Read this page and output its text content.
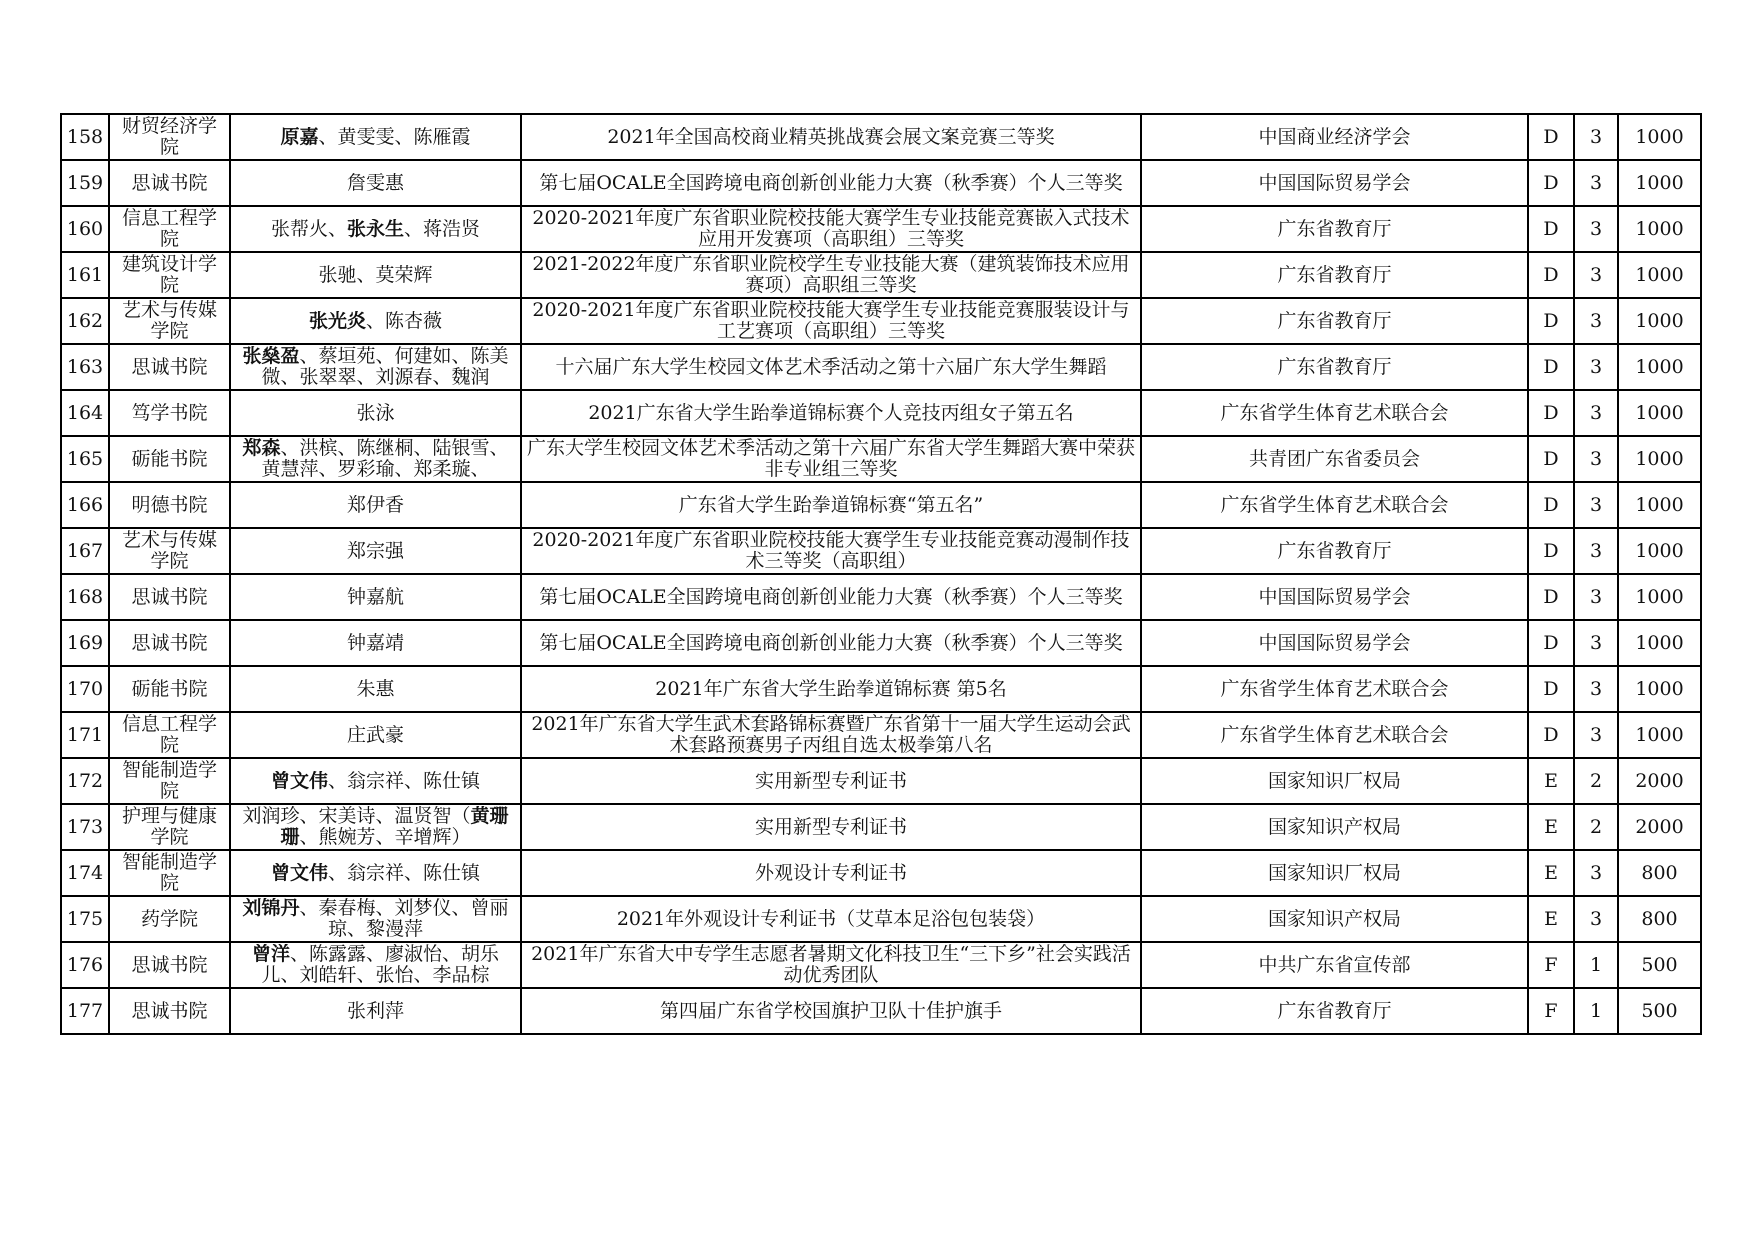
158	财贸经济学院	原嘉、黄雯雯、陈雁霞	2021年全国高校商业精英挑战赛会展文案竞赛三等奖	中国商业经济学会	D	3	1000

159	思诚书院	詹雯惠	第七届OCALE全国跨境电商创新创业能力大赛（秋季赛）个人三等奖	中国国际贸易学会	D	3	1000

160	信息工程学院	张帮火、张永生、蒋浩贤	2020-2021年度广东省职业院校技能大赛学生专业技能竞赛嵌入式技术应用开发赛项（高职组）三等奖	广东省教育厅	D	3	1000

161	建筑设计学院	张驰、莫荣辉	2021-2022年度广东省职业院校学生专业技能大赛（建筑装饰技术应用赛项）高职组三等奖	广东省教育厅	D	3	1000

162	艺术与传媒学院	张光炎、陈杏薇	2020-2021年度广东省职业院校技能大赛学生专业技能竞赛服装设计与工艺赛项（高职组）三等奖	广东省教育厅	D	3	1000

163	思诚书院	张燊盈、蔡垣苑、何建如、陈美微、张翠翠、刘源春、魏润	十六届广东大学生校园文体艺术季活动之第十六届广东大学生舞蹈	广东省教育厅	D	3	1000

164	笃学书院	张泳	2021广东省大学生跆拳道锦标赛个人竞技丙组女子第五名	广东省学生体育艺术联合会	D	3	1000

165	砺能书院	郑森、洪槟、陈继桐、陆银雪、黄慧萍、罗彩瑜、郑柔璇、	广东大学生校园文体艺术季活动之第十六届广东省大学生舞蹈大赛中荣获非专业组三等奖	共青团广东省委员会	D	3	1000

166	明德书院	郑伊香	广东省大学生跆拳道锦标赛“第五名”	广东省学生体育艺术联合会	D	3	1000

167	艺术与传媒学院	郑宗强	2020-2021年度广东省职业院校技能大赛学生专业技能竞赛动漫制作技术三等奖（高职组）	广东省教育厅	D	3	1000

168	思诚书院	钟嘉航	第七届OCALE全国跨境电商创新创业能力大赛（秋季赛）个人三等奖	中国国际贸易学会	D	3	1000

169	思诚书院	钟嘉靖	第七届OCALE全国跨境电商创新创业能力大赛（秋季赛）个人三等奖	中国国际贸易学会	D	3	1000

170	砺能书院	朱惠	2021年广东省大学生跆拳道锦标赛 第5名	广东省学生体育艺术联合会	D	3	1000

171	信息工程学院	庄武豪	2021年广东省大学生武术套路锦标赛暨广东省第十一届大学生运动会武术套路预赛男子丙组自选太极拳第八名	广东省学生体育艺术联合会	D	3	1000

172	智能制造学院	曾文伟、翁宗祥、陈仕镇	实用新型专利证书	国家知识厂权局	E	2	2000

173	护理与健康学院	刘润珍、宋美诗、温贤智（黄珊珊、熊婉芳、辛增辉）	实用新型专利证书	国家知识产权局	E	2	2000

174	智能制造学院	曾文伟、翁宗祥、陈仕镇	外观设计专利证书	国家知识厂权局	E	3	800

175	药学院	刘锦丹、秦春梅、刘梦仪、曾丽琼、黎漫萍	2021年外观设计专利证书（艾草本足浴包包装袋）	国家知识产权局	E	3	800

176	思诚书院	曾洋、陈露露、廖淑怡、胡乐儿、刘皓轩、张怡、李品棕	2021年广东省大中专学生志愿者暑期文化科技卫生“三下乡”社会实践活动优秀团队	中共广东省宣传部	F	1	500

177	思诚书院	张利萍	第四届广东省学校国旗护卫队十佳护旗手	广东省教育厅	F	1	500
